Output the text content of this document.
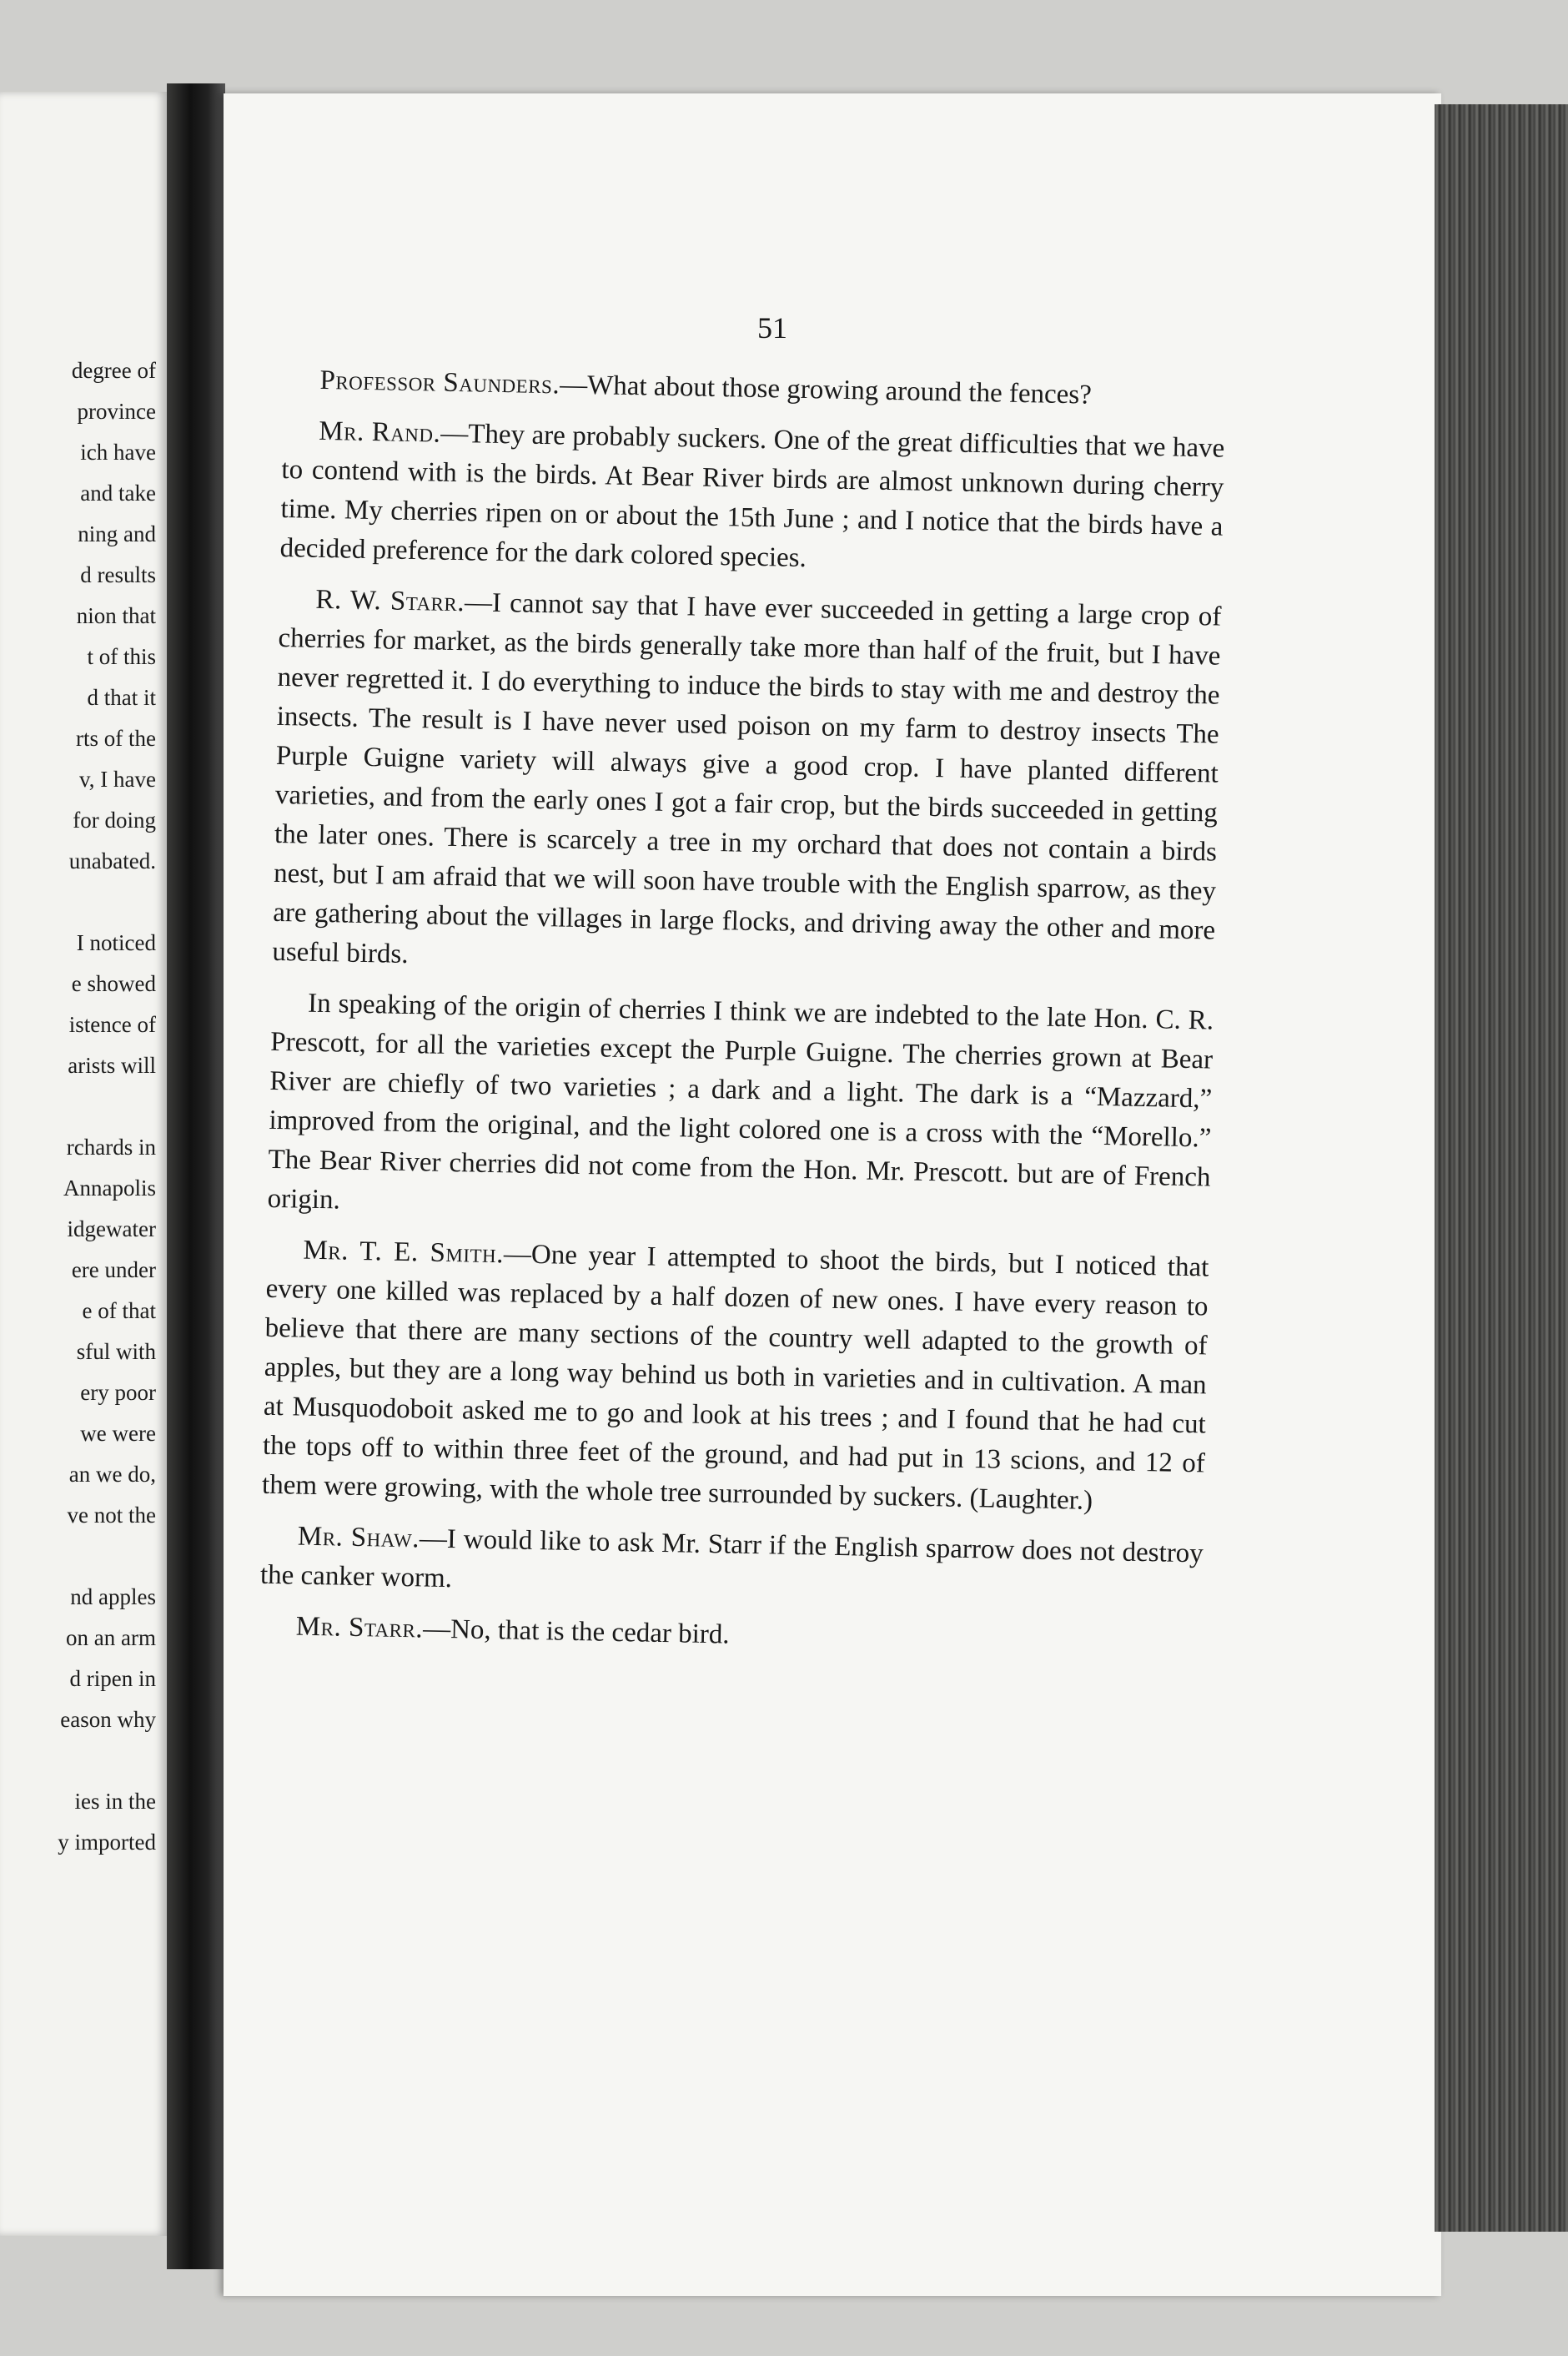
degree of
province
ich have
and take
ning and
d results
nion that
t of this
d that it
rts of the
v, I have
for doing
unabated.
I noticed
e showed
istence of
arists will
rchards in
Annapolis
idgewater
ere under
e of that
sful with
ery poor
we were
an we do,
ve not the
nd apples
on an arm
d ripen in
eason why
ies in the
y imported
51

Professor Saunders.—What about those growing around the fences?

Mr. Rand.—They are probably suckers. One of the great difficulties that we have to contend with is the birds. At Bear River birds are almost unknown during cherry time. My cherries ripen on or about the 15th June ; and I notice that the birds have a decided preference for the dark colored species.

R. W. Starr.—I cannot say that I have ever succeeded in getting a large crop of cherries for market, as the birds generally take more than half of the fruit, but I have never regretted it. I do everything to induce the birds to stay with me and destroy the insects. The result is I have never used poison on my farm to destroy insects The Purple Guigne variety will always give a good crop. I have planted different varieties, and from the early ones I got a fair crop, but the birds succeeded in getting the later ones. There is scarcely a tree in my orchard that does not contain a birds nest, but I am afraid that we will soon have trouble with the English sparrow, as they are gathering about the villages in large flocks, and driving away the other and more useful birds.

In speaking of the origin of cherries I think we are indebted to the late Hon. C. R. Prescott, for all the varieties except the Purple Guigne. The cherries grown at Bear River are chiefly of two varieties ; a dark and a light. The dark is a “Mazzard,” improved from the original, and the light colored one is a cross with the “Morello.” The Bear River cherries did not come from the Hon. Mr. Prescott. but are of French origin.

Mr. T. E. Smith.—One year I attempted to shoot the birds, but I noticed that every one killed was replaced by a half dozen of new ones. I have every reason to believe that there are many sections of the country well adapted to the growth of apples, but they are a long way behind us both in varieties and in cultivation. A man at Musquodoboit asked me to go and look at his trees ; and I found that he had cut the tops off to within three feet of the ground, and had put in 13 scions, and 12 of them were growing, with the whole tree surrounded by suckers. (Laughter.)

Mr. Shaw.—I would like to ask Mr. Starr if the English sparrow does not destroy the canker worm.

Mr. Starr.—No, that is the cedar bird.
